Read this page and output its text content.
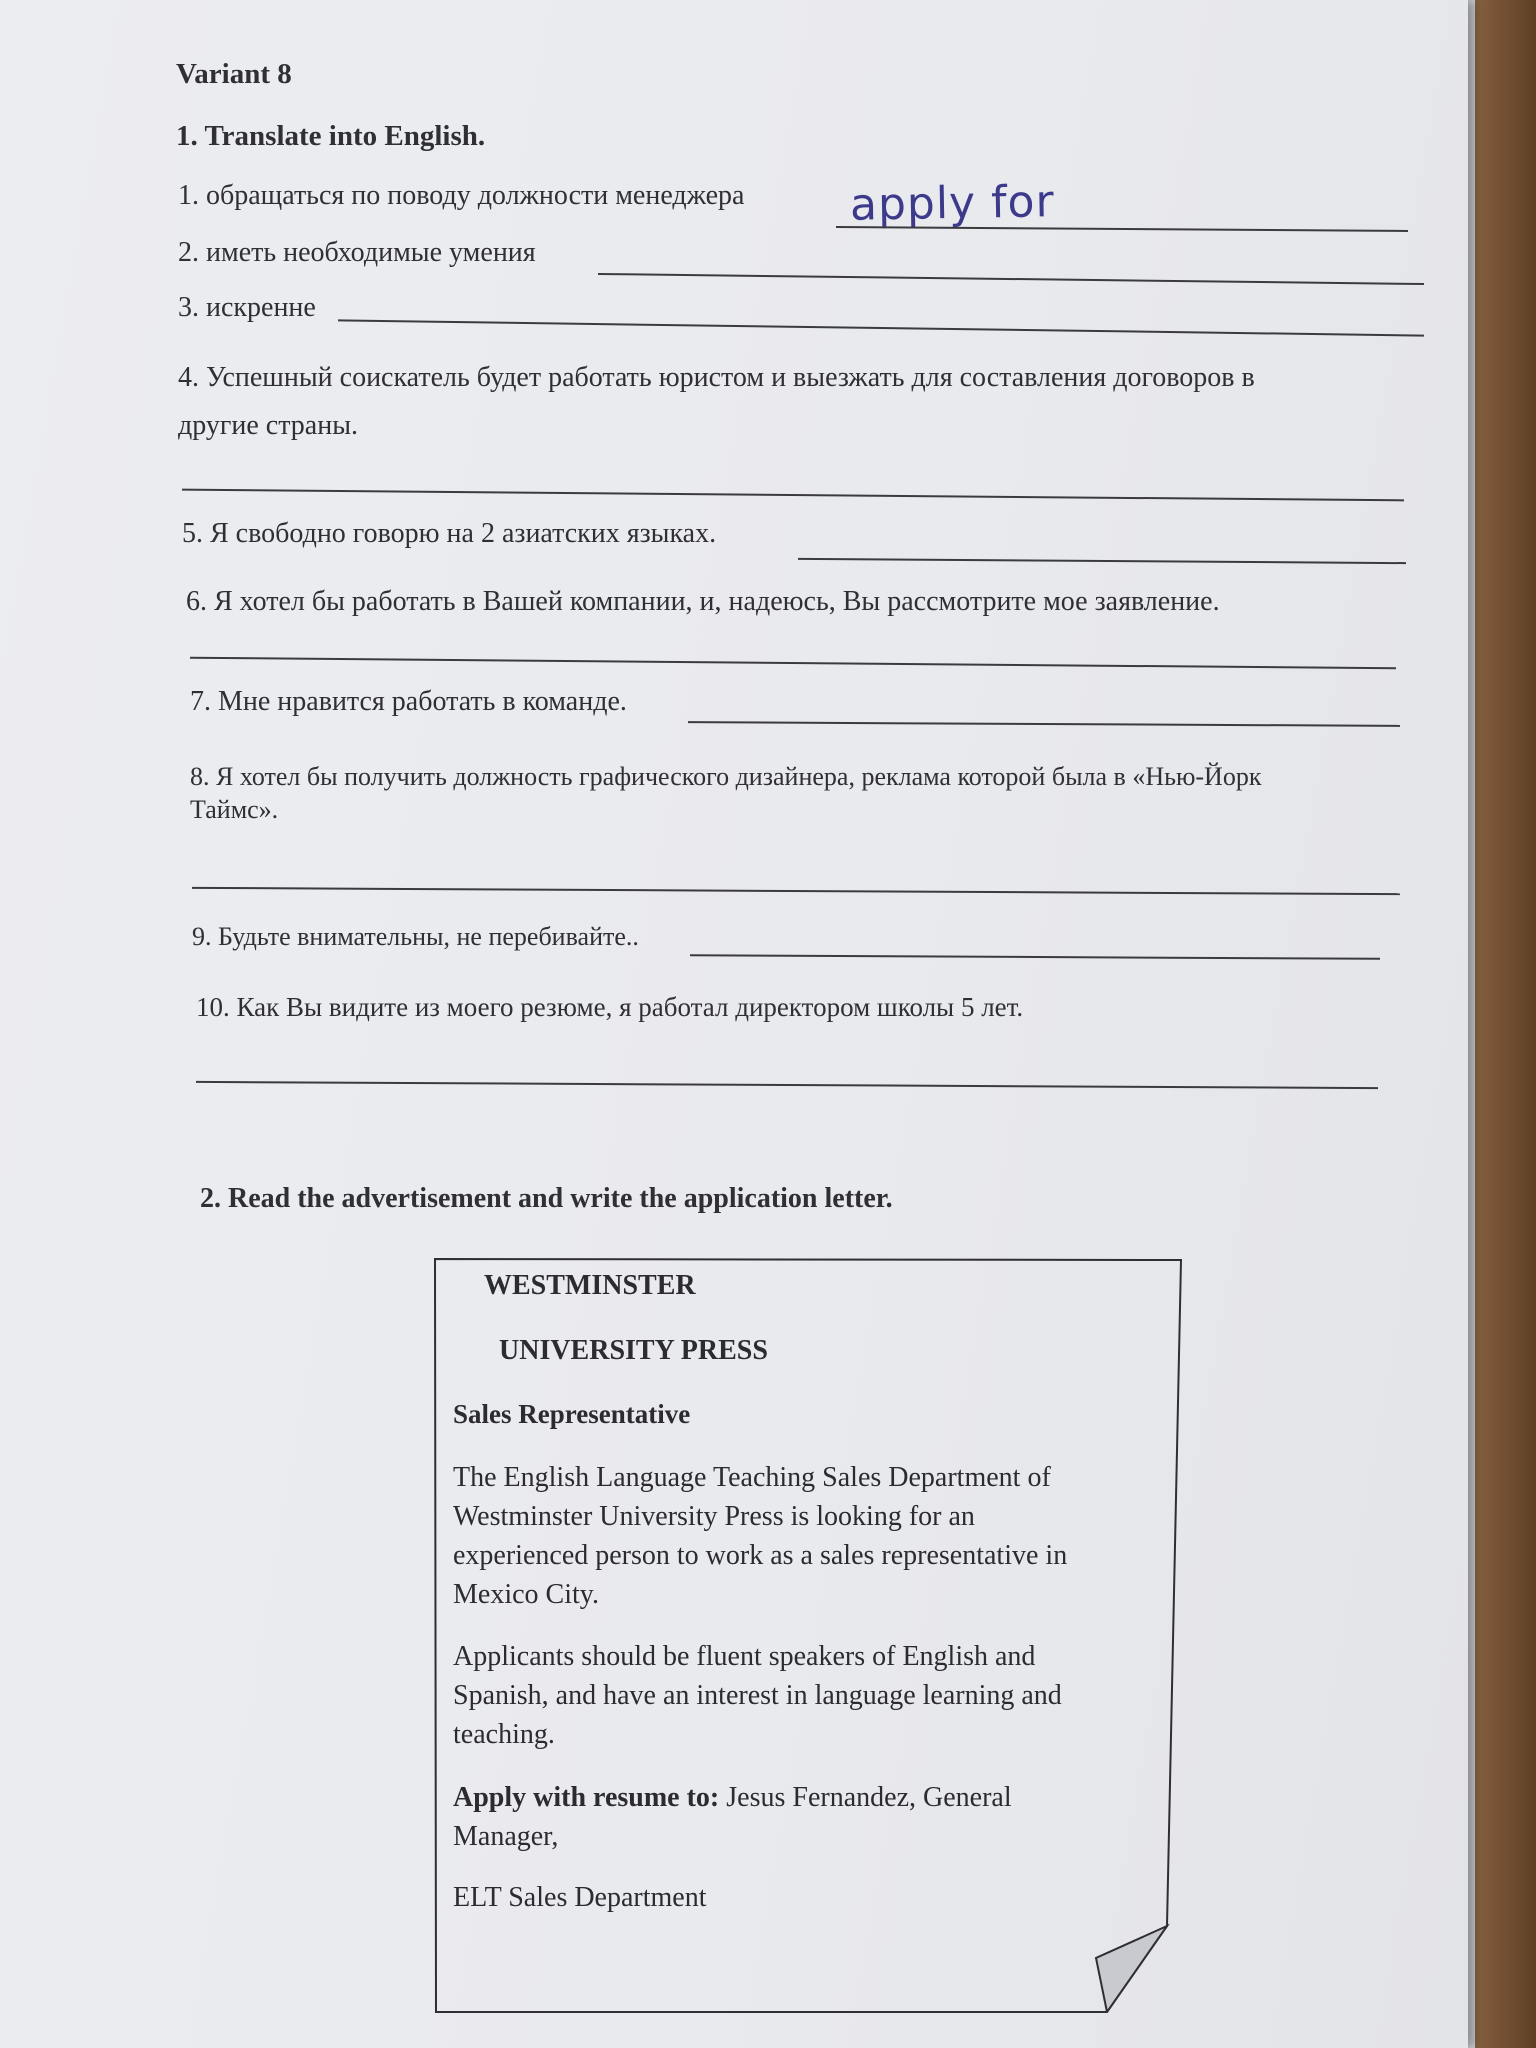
Variant 8
1. Translate into English.
1. обращаться по поводу должности менеджера apply for
2. иметь необходимые умения
3. искренне
4. Успешный соискатель будет работать юристом и выезжать для составления договоров в
другие страны.
5. Я свободно говорю на 2 азиатских языках.
6. Я хотел бы работать в Вашей компании, и, надеюсь, Вы рассмотрите мое заявление.
7. Мне нравится работать в команде.
8. Я хотел бы получить должность графического дизайнера, реклама которой была в «Нью-Йорк
Таймс».
9. Будьте внимательны, не перебивайте..
10. Как Вы видите из моего резюме, я работал директором школы 5 лет.
2. Read the advertisement and write the application letter.
WESTMINSTER
UNIVERSITY PRESS
Sales Representative
The English Language Teaching Sales Department of
Westminster University Press is looking for an
experienced person to work as a sales representative in
Mexico City.
Applicants should be fluent speakers of English and
Spanish, and have an interest in language learning and
teaching.
Apply with resume to: Jesus Fernandez, General
Manager,
ELT Sales Department
